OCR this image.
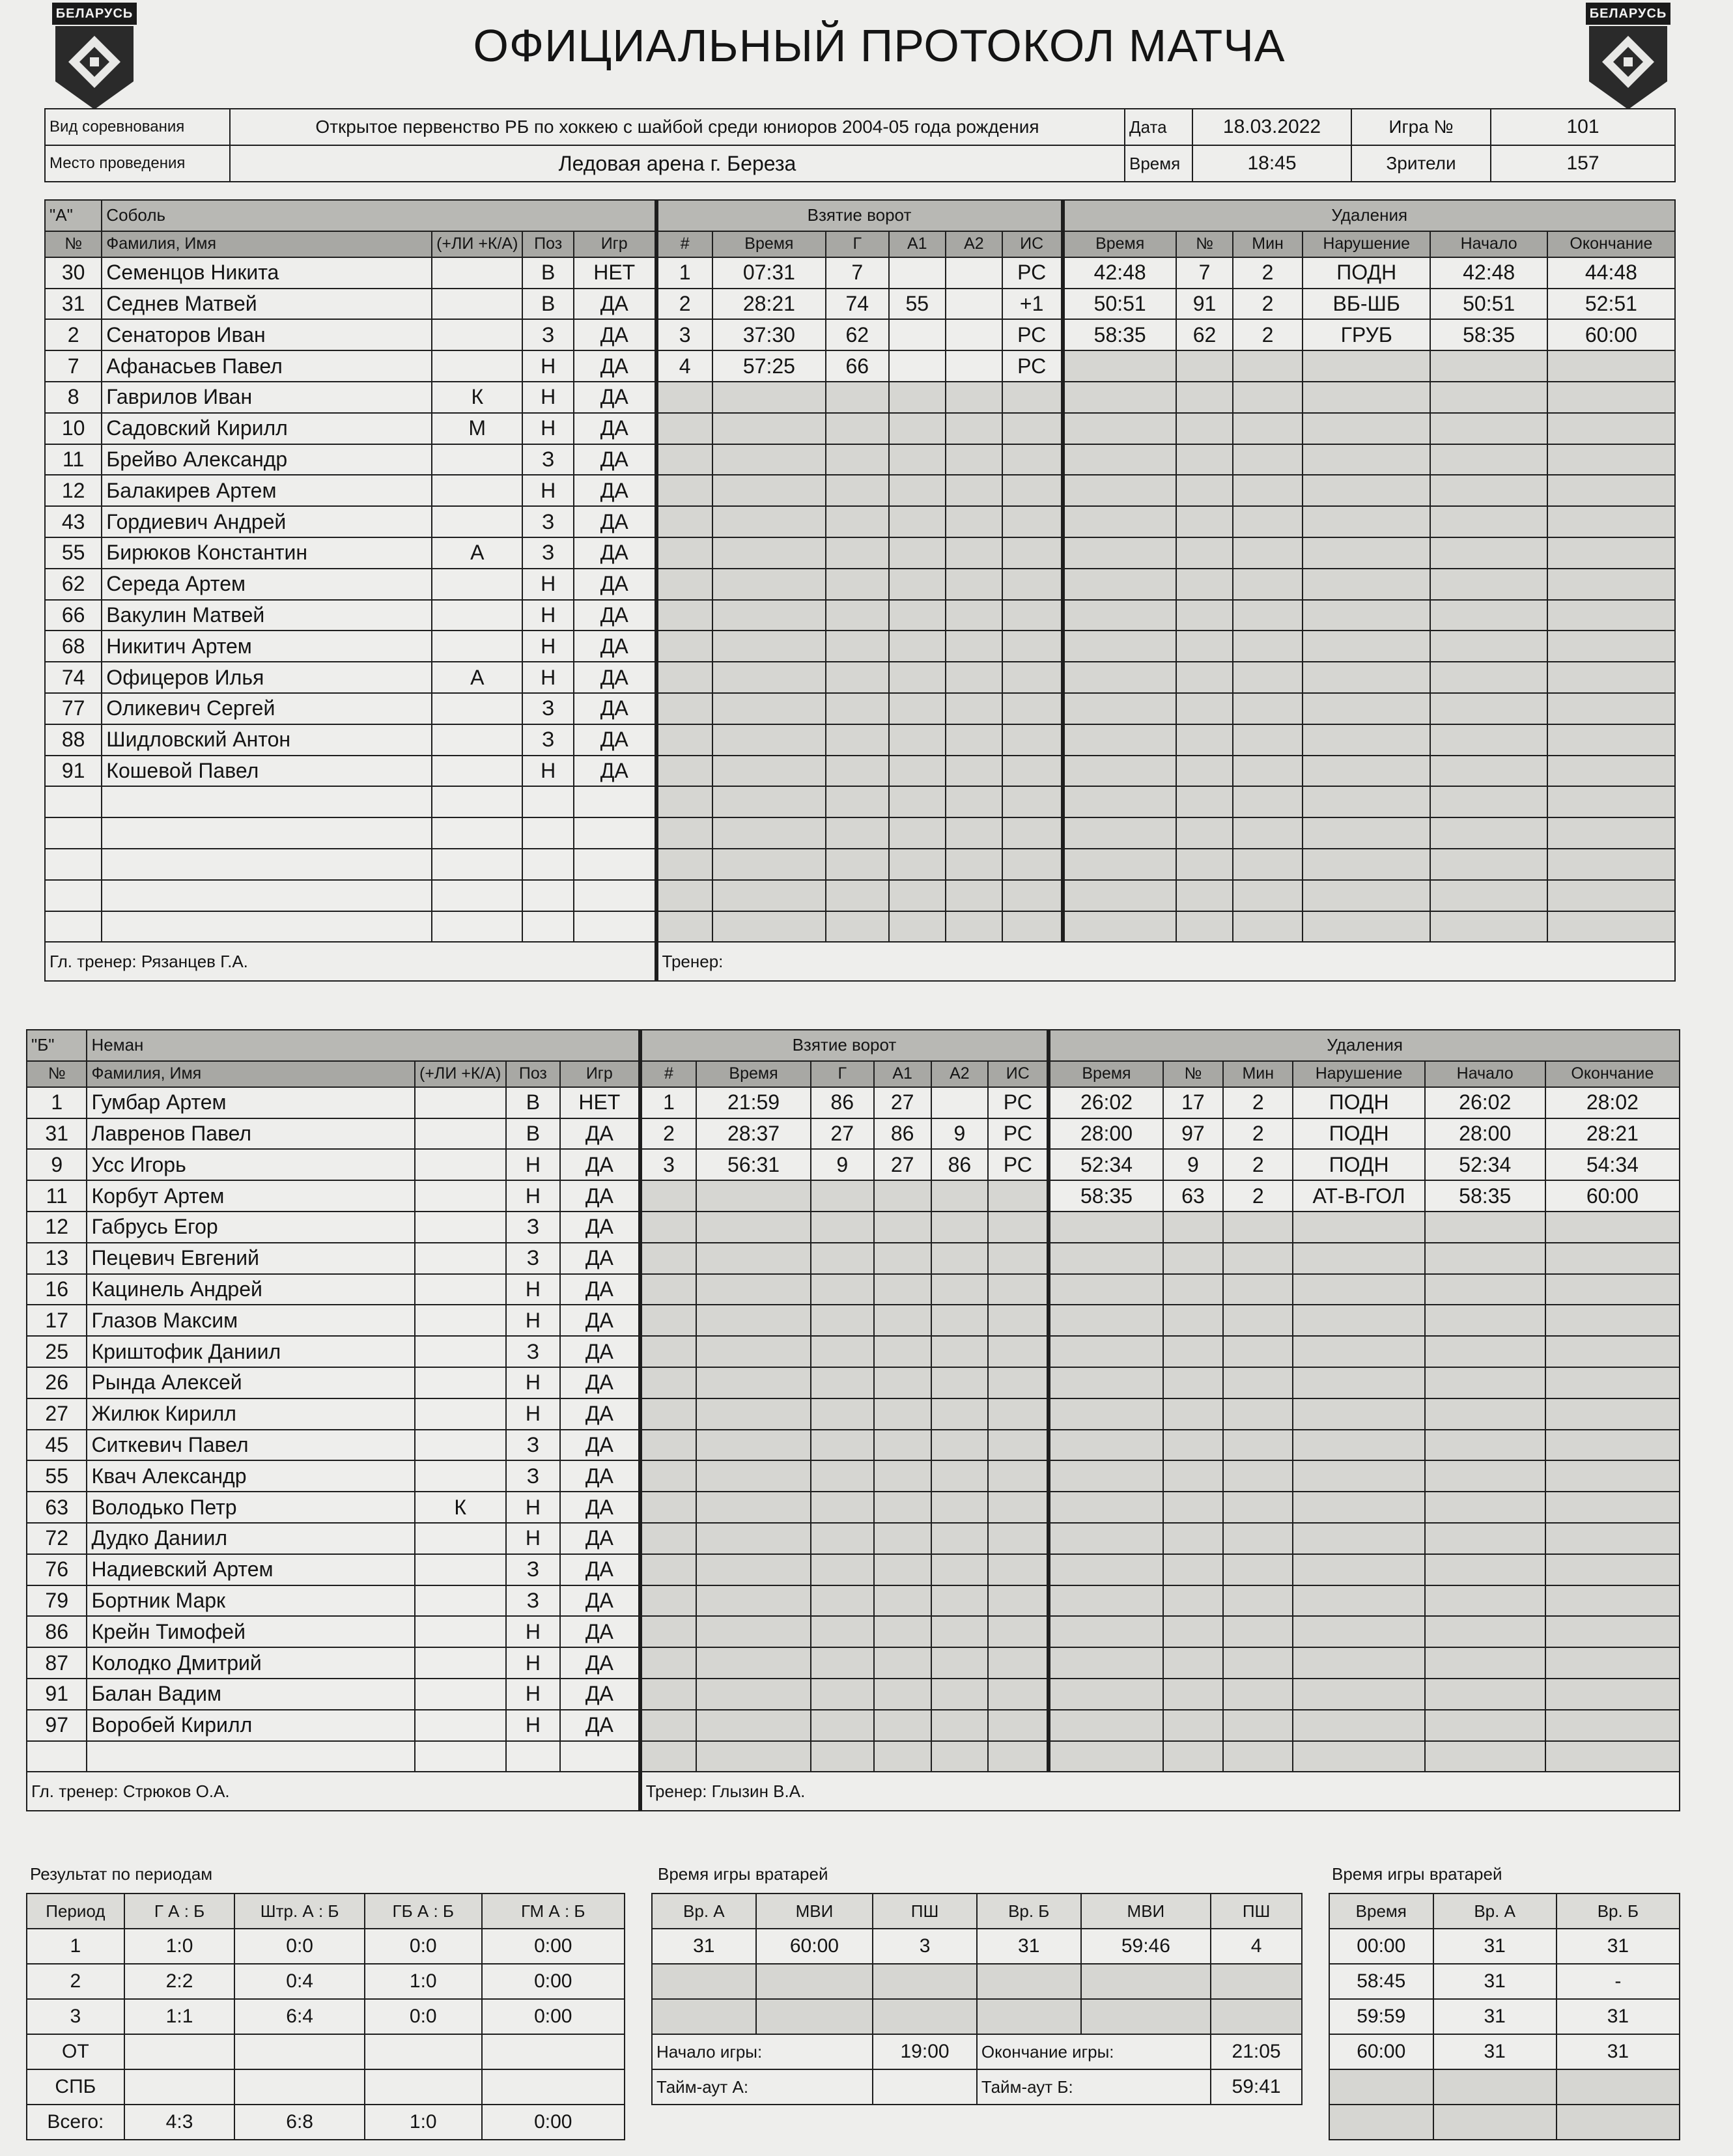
БЕЛАРУСЬ	БЕЛАРУСЬ
ОФИЦИАЛЬНЫЙ ПРОТОКОЛ МАТЧА
Вид соревнования	Открытое первенство РБ по хоккею с шайбой среди юниоров 2004-05 года рождения	Дата	18.03.2022	Игра №	101
Место проведения	Ледовая арена г. Береза	Время	18:45	Зрители	157
"А"	Соболь				Взятие ворот						Удаления					
№	Фамилия, Имя	(+ЛИ +К/А)	Поз	Игр	#	Время	Г	А1	А2	ИС	Время	№	Мин	Нарушение	Начало	Окончание
30	Семенцов Никита		В	НЕТ	1	07:31	7			РС	42:48	7	2	ПОДН	42:48	44:48
31	Седнев Матвей		В	ДА	2	28:21	74	55		+1	50:51	91	2	ВБ-ШБ	50:51	52:51
2	Сенаторов Иван		З	ДА	3	37:30	62			РС	58:35	62	2	ГРУБ	58:35	60:00
7	Афанасьев Павел		Н	ДА	4	57:25	66			РС						
8	Гаврилов Иван	К	Н	ДА												
10	Садовский Кирилл	М	Н	ДА												
11	Брейво Александр		З	ДА												
12	Балакирев Артем		Н	ДА												
43	Гордиевич Андрей		З	ДА												
55	Бирюков Константин	А	З	ДА												
62	Середа Артем		Н	ДА												
66	Вакулин Матвей		Н	ДА												
68	Никитич Артем		Н	ДА												
74	Офицеров Илья	А	Н	ДА												
77	Оликевич Сергей		З	ДА												
88	Шидловский Антон		З	ДА												
91	Кошевой Павел		Н	ДА												

Гл. тренер: Рязанцев Г.А.					Тренер:											
"Б"	Неман				Взятие ворот						Удаления					
№	Фамилия, Имя	(+ЛИ +К/А)	Поз	Игр	#	Время	Г	А1	А2	ИС	Время	№	Мин	Нарушение	Начало	Окончание
1	Гумбар Артем		В	НЕТ	1	21:59	86	27		РС	26:02	17	2	ПОДН	26:02	28:02
31	Лавренов Павел		В	ДА	2	28:37	27	86	9	РС	28:00	97	2	ПОДН	28:00	28:21
9	Усс Игорь		Н	ДА	3	56:31	9	27	86	РС	52:34	9	2	ПОДН	52:34	54:34
11	Корбут Артем		Н	ДА							58:35	63	2	АТ-В-ГОЛ	58:35	60:00
12	Габрусь Егор		З	ДА												
13	Пецевич Евгений		З	ДА												
16	Кацинель Андрей		Н	ДА												
17	Глазов Максим		Н	ДА												
25	Криштофик Даниил		З	ДА												
26	Рында Алексей		Н	ДА												
27	Жилюк Кирилл		Н	ДА												
45	Ситкевич Павел		З	ДА												
55	Квач Александр		З	ДА												
63	Володько Петр	К	Н	ДА												
72	Дудко Даниил		Н	ДА												
76	Надиевский Артем		З	ДА												
79	Бортник Марк		З	ДА												
86	Крейн Тимофей		Н	ДА												
87	Колодко Дмитрий		Н	ДА												
91	Балан Вадим		Н	ДА												
97	Воробей Кирилл		Н	ДА												

Гл. тренер: Стрюков О.А.					Тренер: Глызин В.А.											
Результат по периодам
Период	Г А : Б	Штр. А : Б	ГБ А : Б	ГМ А : Б
1	1:0	0:0	0:0	0:00
2	2:2	0:4	1:0	0:00
3	1:1	6:4	0:0	0:00
ОТ				
СПБ				
Всего:	4:3	6:8	1:0	0:00
Время игры вратарей
Вр. А	МВИ	ПШ	Вр. Б	МВИ	ПШ
31	60:00	3	31	59:46	4

Начало игры:		19:00	Окончание игры:		21:05
Тайм-аут А:			Тайм-аут Б:		59:41
Время игры вратарей
Время	Вр. А	Вр. Б
00:00	31	31
58:45	31	-
59:59	31	31
60:00	31	31
